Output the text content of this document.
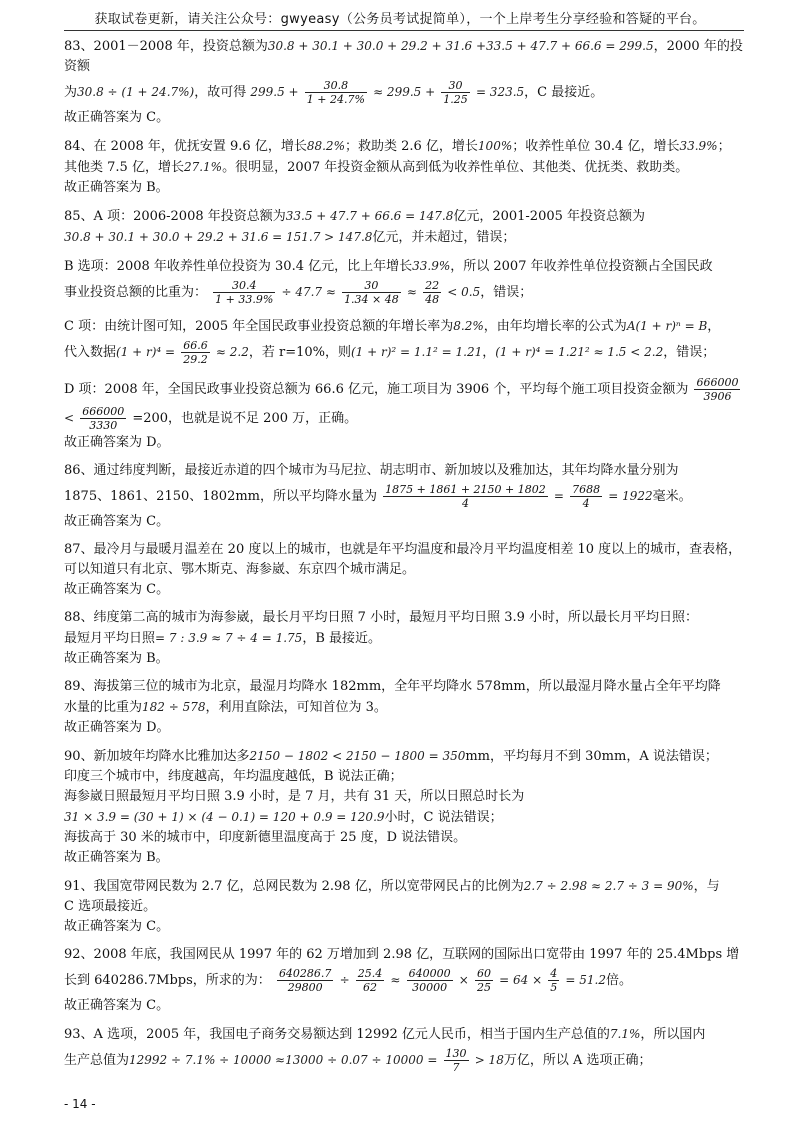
获取试卷更新，请关注公众号：gwyeasy（公务员考试捉简单），一个上岸考生分享经验和答疑的平台。

83、2001－2008 年，投资总额为30.8 + 30.1 + 30.0 + 29.2 + 31.6 +33.5 + 47.7 + 66.6 = 299.5，2000 年的投资额

为30.8 ÷ (1 + 24.7%)，故可得 $299.5 + \frac{30.8}{1 + 24.7\%} \approx 299.5 + \frac{30}{1.25} = 323.5$，C 最接近。

故正确答案为 C。

84、在 2008 年，优抚安置 9.6 亿，增长88.2%；救助类 2.6 亿，增长100%；收养性单位 30.4 亿，增长33.9%；

其他类 7.5 亿，增长27.1%。很明显，2007 年投资金额从高到低为收养性单位、其他类、优抚类、救助类。

故正确答案为 B。

85、A 项：2006-2008 年投资总额为33.5 + 47.7 + 66.6 = 147.8亿元，2001-2005 年投资总额为
30.8 + 30.1 + 30.0 + 29.2 + 31.6 = 151.7 > 147.8亿元，并未超过，错误；

B 选项：2008 年收养性单位投资为 30.4 亿元，比上年增长33.9%，所以 2007 年收养性单位投资额占全国民政

事业投资总额的比重为： $\frac{30.4}{1 + 33.9\%} \div 47.7 \approx \frac{30}{1.34 \times 48} \approx \frac{22}{48} < 0.5$，错误；

C 项：由统计图可知，2005 年全国民政事业投资总额的年增长率为8.2%，由年均增长率的公式为A(1 + r)ⁿ = B，

代入数据$(1 + r)^4 = \frac{66.6}{29.2} \approx 2.2$，若 r=10%，则(1 + r)² = 1.1² = 1.21，(1 + r)⁴ = 1.21² ≈ 1.5 < 2.2，错误；

D 项：2008 年，全国民政事业投资总额为 66.6 亿元，施工项目为 3906 个，平均每个施工项目投资金额为 $\frac{666000}{3906}$
< $\frac{666000}{3330} =200$，也就是说不足 200 万，正确。

故正确答案为 D。

86、通过纬度判断，最接近赤道的四个城市为马尼拉、胡志明市、新加坡以及雅加达，其年均降水量分别为

1875、1861、2150、1802mm，所以平均降水量为 $\frac{1875 + 1861 + 2150 + 1802}{4} = \frac{7688}{4} = 1922$毫米。

故正确答案为 C。

87、最冷月与最暖月温差在 20 度以上的城市，也就是年平均温度和最冷月平均温度相差 10 度以上的城市，查表格，可以知道只有北京、鄂木斯克、海参崴、东京四个城市满足。

故正确答案为 C。

88、纬度第二高的城市为海参崴，最长月平均日照 7 小时，最短月平均日照 3.9 小时，所以最长月平均日照：

最短月平均日照= 7 : 3.9 ≈ 7 ÷ 4 = 1.75，B 最接近。

故正确答案为 B。

89、海拔第三位的城市为北京，最湿月均降水 182mm，全年平均降水 578mm，所以最湿月降水量占全年平均降

水量的比重为182 ÷ 578，利用直除法，可知首位为 3。

故正确答案为 D。

90、新加坡年均降水比雅加达多2150 − 1802 < 2150 − 1800 = 350mm，平均每月不到 30mm，A 说法错误；

印度三个城市中，纬度越高，年均温度越低，B 说法正确；

海参崴日照最短月平均日照 3.9 小时，是 7 月，共有 31 天，所以日照总时长为
31 × 3.9 = (30 + 1) × (4 − 0.1) = 120 + 0.9 = 120.9小时，C 说法错误；

海拔高于 30 米的城市中，印度新德里温度高于 25 度，D 说法错误。

故正确答案为 B。

91、我国宽带网民数为 2.7 亿，总网民数为 2.98 亿，所以宽带网民占的比例为2.7 ÷ 2.98 ≈ 2.7 ÷ 3 = 90%，与

C 选项最接近。

故正确答案为 C。

92、2008 年底，我国网民从 1997 年的 62 万增加到 2.98 亿，互联网的国际出口宽带由 1997 年的 25.4Mbps 增

长到 640286.7Mbps，所求的为： $\frac{640286.7}{29800} \div \frac{25.4}{62} \approx \frac{640000}{30000} \times \frac{60}{25} = 64 \times \frac{4}{5} = 51.2$倍。

故正确答案为 C。

93、A 选项，2005 年，我国电子商务交易额达到 12992 亿元人民币，相当于国内生产总值的7.1%，所以国内

生产总值为$12992 \div 7.1\% \div 10000 \approx 13000 \div 0.07 \div 10000 = \frac{130}{7} > 18$万亿，所以 A 选项正确；

- 14 -
